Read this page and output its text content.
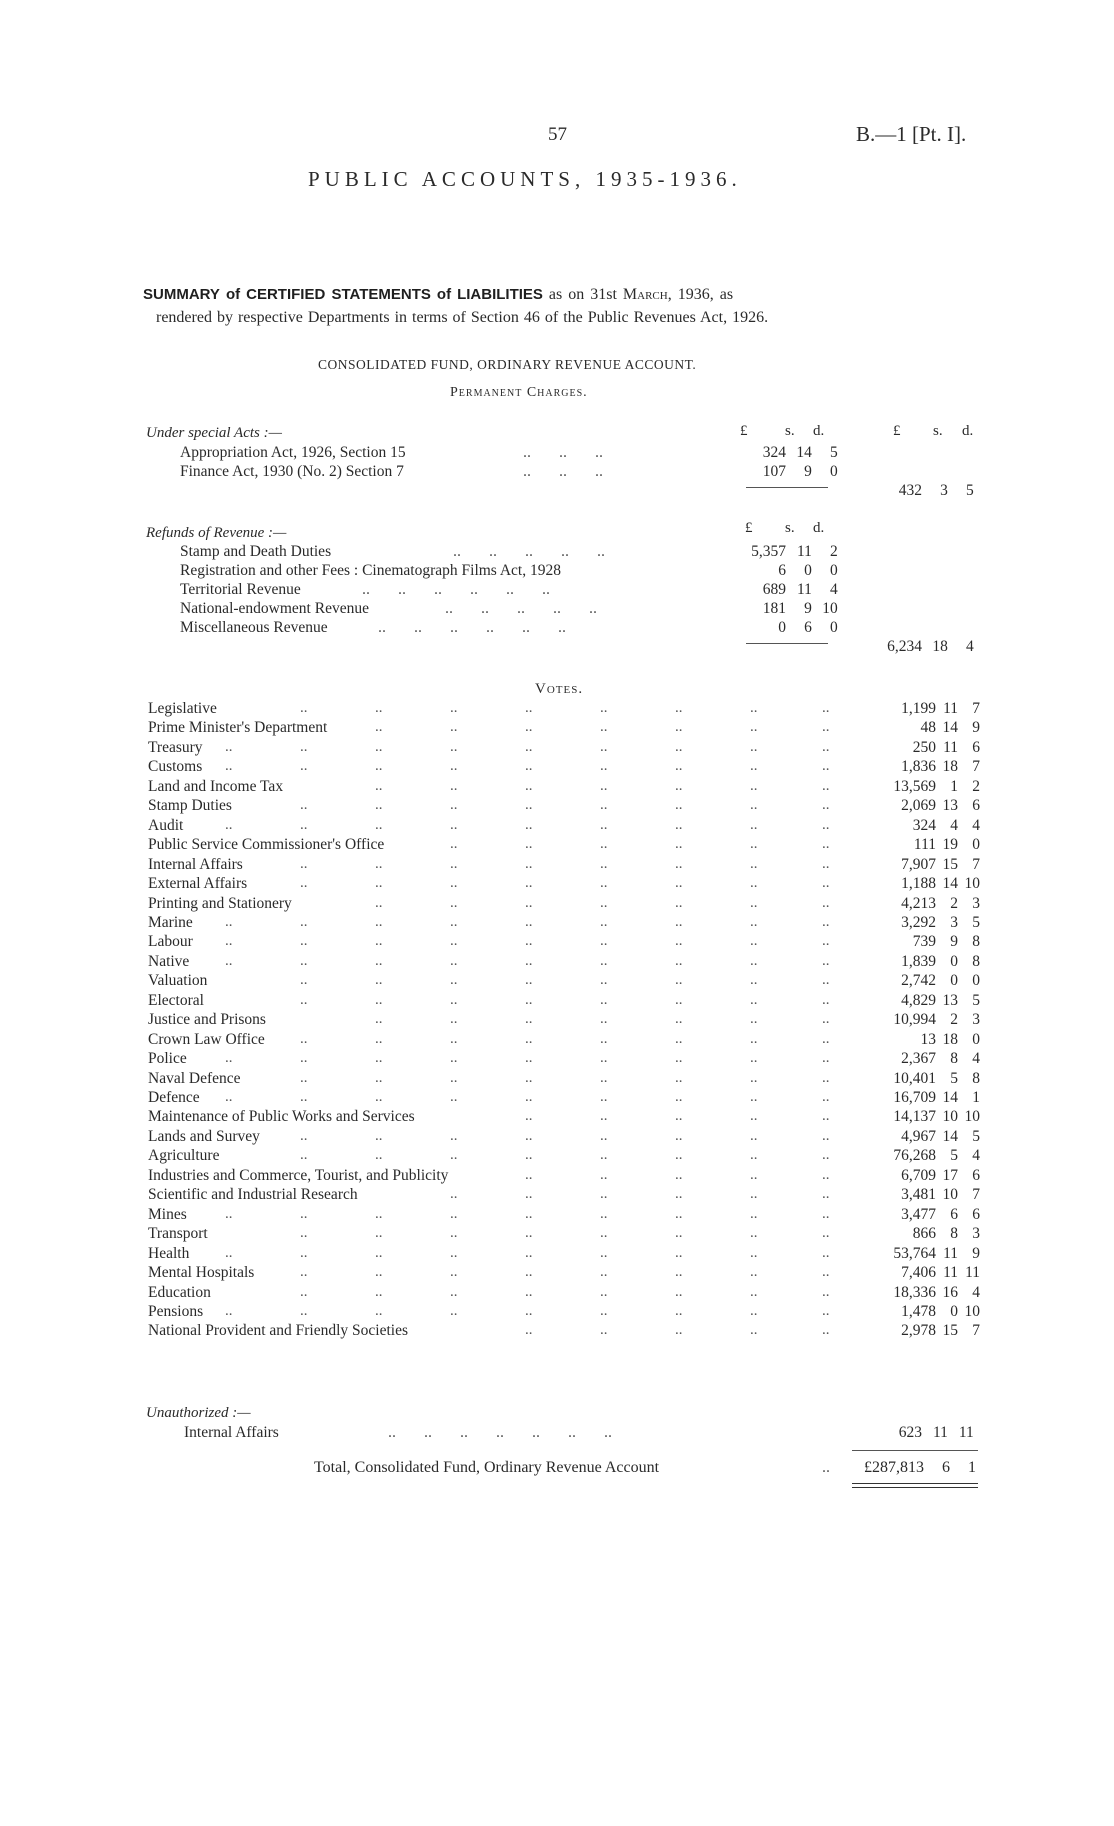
57	B.—1 [Pt. I].
PUBLIC ACCOUNTS, 1935-1936.
SUMMARY of CERTIFIED STATEMENTS of LIABILITIES as on 31st March, 1936, as
rendered by respective Departments in terms of Section 46 of the Public Revenues Act, 1926.
CONSOLIDATED FUND, ORDINARY REVENUE ACCOUNT.
Permanent Charges.
£	s. d.	£ s. d.
Under special Acts :—
Appropriation Act, 1926, Section 15	..       ..       ..	324 14 5
Finance Act, 1930 (No. 2) Section 7	..       ..       ..	107 9 0
432 3 5
Refunds of Revenue :—	£ s. d.
Stamp and Death Duties	..       ..       ..       ..       ..	5,357 11 2
Registration and other Fees : Cinematograph Films Act, 1928	6 0 0
Territorial Revenue	..       ..       ..       ..       ..       ..	689 11 4
National-endowment Revenue	..       ..       ..       ..       ..	181 9 10
Miscellaneous Revenue	..       ..       ..       ..       ..       ..	0 6 0
6,234 18 4
Votes.
Legislative	..	..	..	..	..	..	..	..	1,199 11 7
Prime Minister's Department	..	..	..	..	..	..	..	48 14 9
Treasury ..	..	..	..	..	..	..	..	..	250 11 6
Customs ..	..	..	..	..	..	..	..	..	1,836 18 7
Land and Income Tax	..	..	..	..	..	..	..	13,569 1 2
Stamp Duties	..	..	..	..	..	..	..	..	2,069 13 6
Audit	..	..	..	..	..	..	..	..	..	324 4 4
Public Service Commissioner's Office	..	..	..	..	..	..	111 19 0
Internal Affairs	..	..	..	..	..	..	..	..	7,907 15 7
External Affairs	..	..	..	..	..	..	..	..	1,188 14 10
Printing and Stationery	..	..	..	..	..	..	..	4,213 2 3
Marine ..	..	..	..	..	..	..	..	..	3,292 3 5
Labour ..	..	..	..	..	..	..	..	..	739 9 8
Native ..	..	..	..	..	..	..	..	..	1,839 0 8
Valuation	..	..	..	..	..	..	..	..	2,742 0 0
Electoral	..	..	..	..	..	..	..	..	4,829 13 5
Justice and Prisons	..	..	..	..	..	..	..	10,994 2 3
Crown Law Office ..	..	..	..	..	..	..	..	13 18 0
Police	..	..	..	..	..	..	..	..	..	2,367 8 4
Naval Defence	..	..	..	..	..	..	..	..	10,401 5 8
Defence ..	..	..	..	..	..	..	..	..	16,709 14 1
Maintenance of Public Works and Services	..	..	..	..	..	14,137 10 10
Lands and Survey	..	..	..	..	..	..	..	..	4,967 14 5
Agriculture	..	..	..	..	..	..	..	..	76,268 5 4
Industries and Commerce, Tourist, and Publicity	..	..	..	..	..	6,709 17 6
Scientific and Industrial Research	..	..	..	..	..	..	3,481 10 7
Mines	..	..	..	..	..	..	..	..	..	3,477 6 6
Transport	..	..	..	..	..	..	..	..	866 8 3
Health ..	..	..	..	..	..	..	..	..	53,764 11 9
Mental Hospitals	..	..	..	..	..	..	..	..	7,406 11 11
Education	..	..	..	..	..	..	..	..	18,336 16 4
Pensions ..	..	..	..	..	..	..	..	..	1,478 0 10
National Provident and Friendly Societies	..	..	..	..	..	2,978 15 7
Unauthorized :—
Internal Affairs	..       ..       ..       ..       ..       ..       ..	623 11 11
Total, Consolidated Fund, Ordinary Revenue Account	..	£287,813 6 1
